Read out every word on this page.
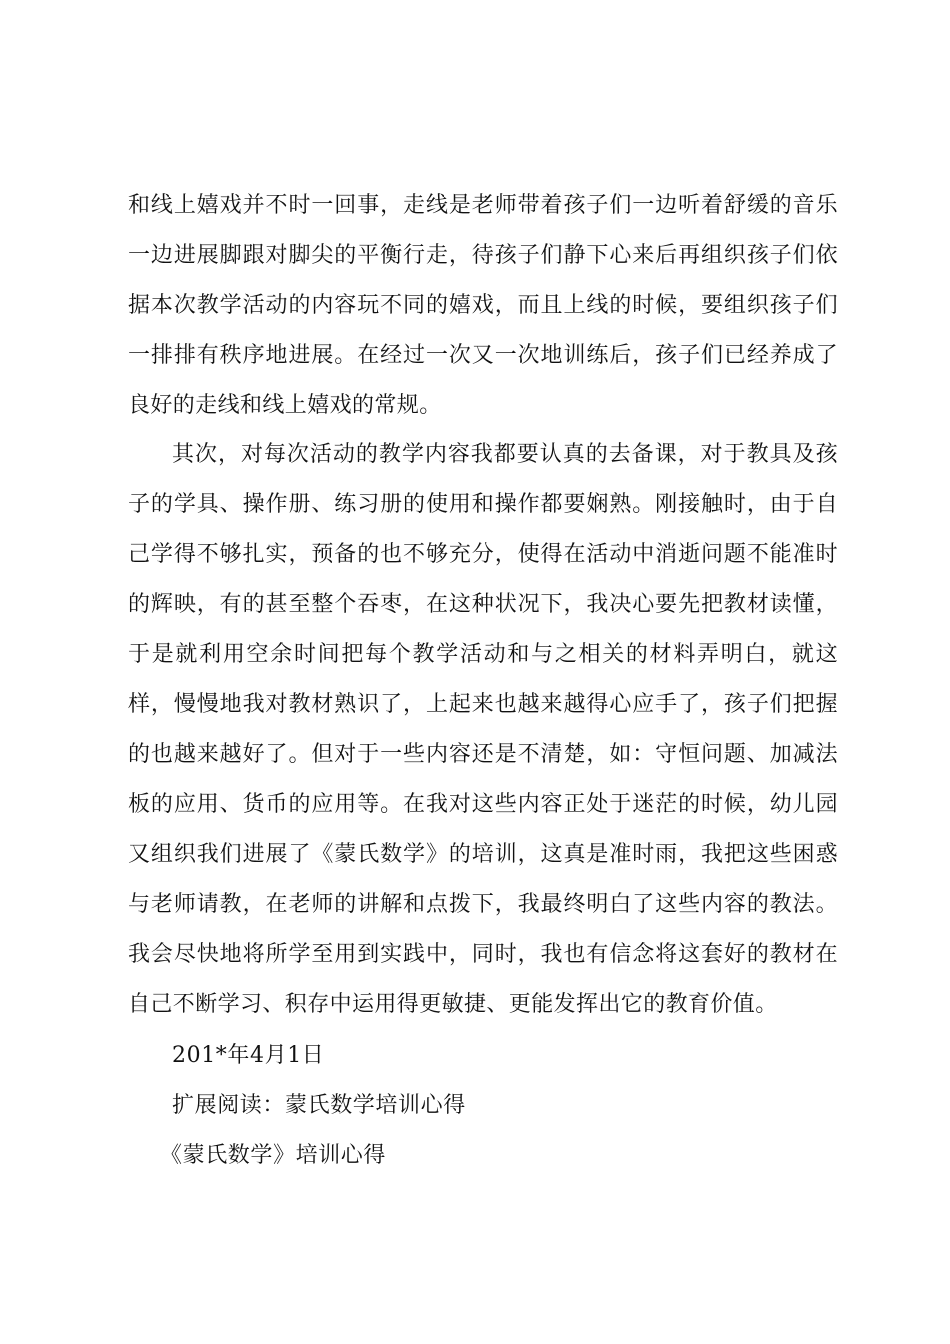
和线上嬉戏并不时一回事，走线是老师带着孩子们一边听着舒缓的音乐
一边进展脚跟对脚尖的平衡行走，待孩子们静下心来后再组织孩子们依
据本次教学活动的内容玩不同的嬉戏，而且上线的时候，要组织孩子们
一排排有秩序地进展。在经过一次又一次地训练后，孩子们已经养成了
良好的走线和线上嬉戏的常规。
其次，对每次活动的教学内容我都要认真的去备课，对于教具及孩
子的学具、操作册、练习册的使用和操作都要娴熟。刚接触时，由于自
己学得不够扎实，预备的也不够充分，使得在活动中消逝问题不能准时
的辉映，有的甚至整个吞枣，在这种状况下，我决心要先把教材读懂，
于是就利用空余时间把每个教学活动和与之相关的材料弄明白，就这
样，慢慢地我对教材熟识了，上起来也越来越得心应手了，孩子们把握
的也越来越好了。但对于一些内容还是不清楚，如：守恒问题、加减法
板的应用、货币的应用等。在我对这些内容正处于迷茫的时候，幼儿园
又组织我们进展了《蒙氏数学》的培训，这真是准时雨，我把这些困惑
与老师请教，在老师的讲解和点拨下，我最终明白了这些内容的教法。
我会尽快地将所学至用到实践中，同时，我也有信念将这套好的教材在
自己不断学习、积存中运用得更敏捷、更能发挥出它的教育价值。
201*年4月1日
扩展阅读：蒙氏数学培训心得
《蒙氏数学》培训心得
